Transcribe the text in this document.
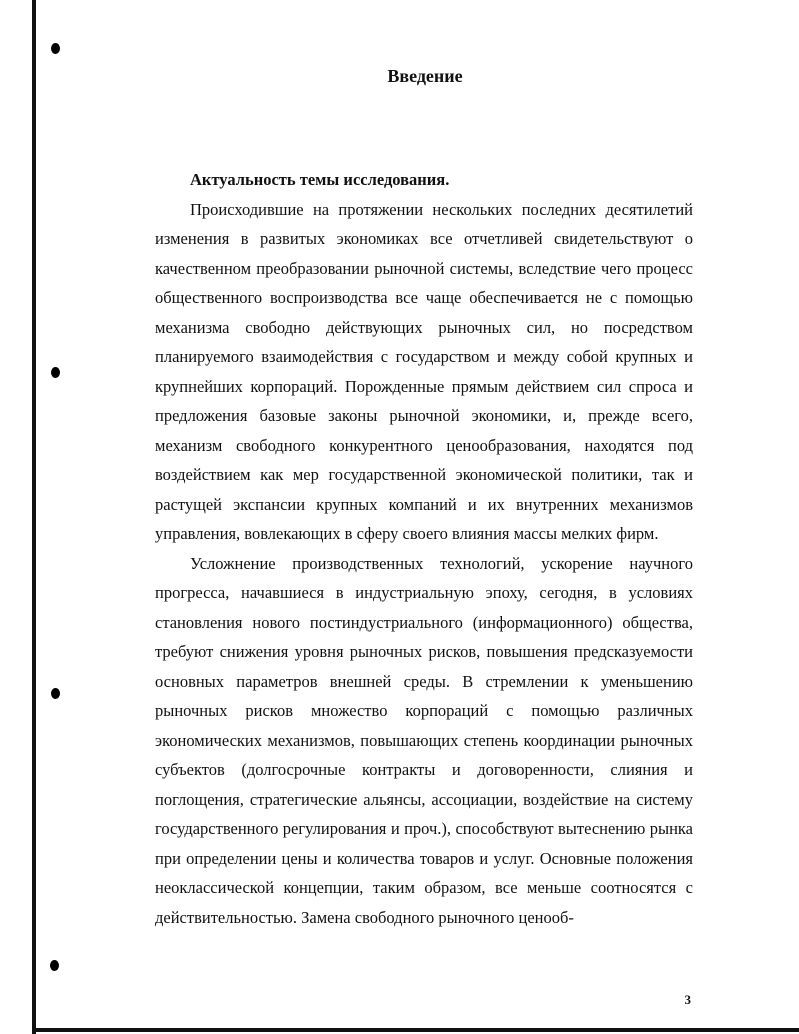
Введение

Актуальность темы исследования.

Происходившие на протяжении нескольких последних десятилетий изменения в развитых экономиках все отчетливей свидетельствуют о качественном преобразовании рыночной системы, вследствие чего процесс общественного воспроизводства все чаще обеспечивается не с помощью механизма свободно действующих рыночных сил, но посредством планируемого взаимодействия с государством и между собой крупных и крупнейших корпораций. Порожденные прямым действием сил спроса и предложения базовые законы рыночной экономики, и, прежде всего, механизм свободного конкурентного ценообразования, находятся под воздействием как мер государственной экономической политики, так и растущей экспансии крупных компаний и их внутренних механизмов управления, вовлекающих в сферу своего влияния массы мелких фирм.

Усложнение производственных технологий, ускорение научного прогресса, начавшиеся в индустриальную эпоху, сегодня, в условиях становления нового постиндустриального (информационного) общества, требуют снижения уровня рыночных рисков, повышения предсказуемости основных параметров внешней среды. В стремлении к уменьшению рыночных рисков множество корпораций с помощью различных экономических механизмов, повышающих степень координации рыночных субъектов (долгосрочные контракты и договоренности, слияния и поглощения, стратегические альянсы, ассоциации, воздействие на систему государственного регулирования и проч.), способствуют вытеснению рынка при определении цены и количества товаров и услуг. Основные положения неоклассической концепции, таким образом, все меньше соотносятся с действительностью. Замена свободного рыночного ценооб-

3
